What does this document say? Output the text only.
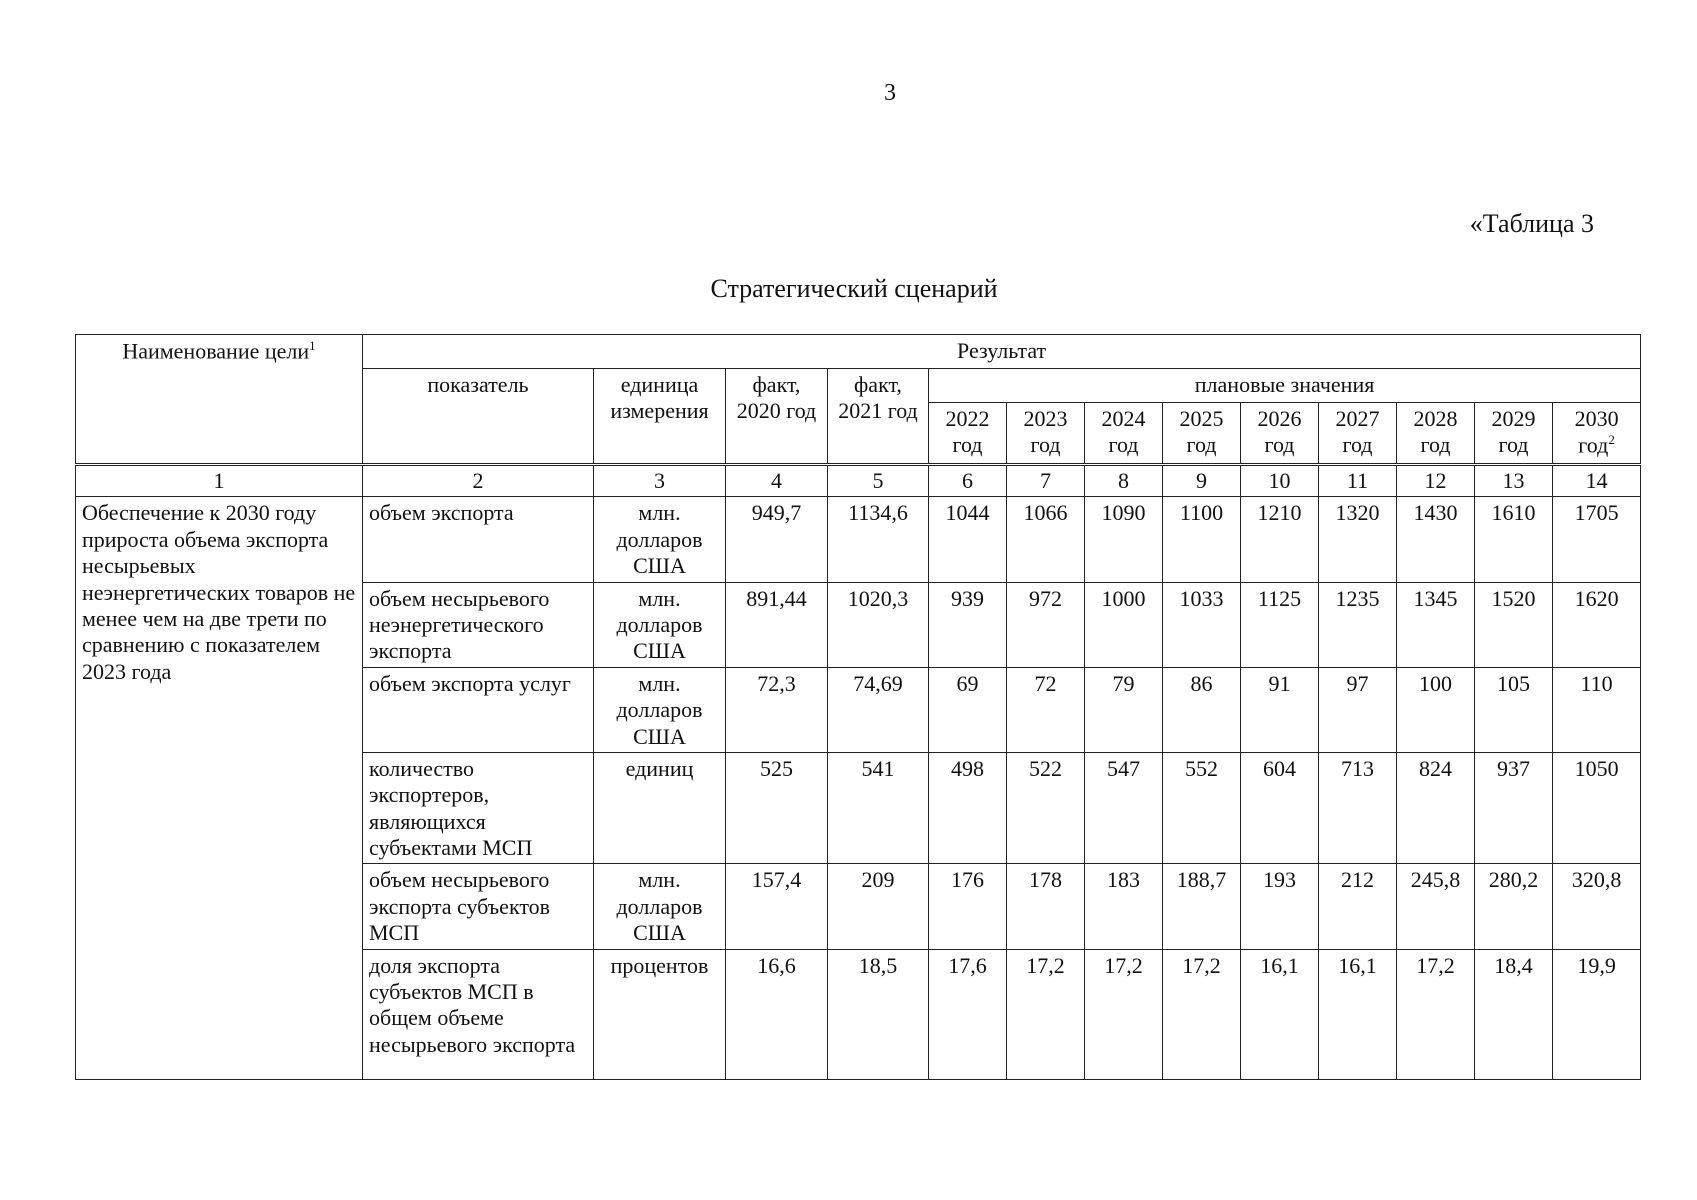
3
«Таблица 3
Стратегический сценарий
Наименование цели$^1$	Результат												
	показатель	единица измерения	факт, 2020 год	факт, 2021 год	плановые значения								
					2022 год	2023 год	2024 год	2025 год	2026 год	2027 год	2028 год	2029 год	2030 год$^2$
1	2	3	4	5	6	7	8	9	10	11	12	13	14
Обеспечение к 2030 году прироста объема экспорта несырьевых неэнергетических товаров не менее чем на две трети по сравнению с показателем 2023 года	объем экспорта	млн. долларов США	949,7	1134,6	1044	1066	1090	1100	1210	1320	1430	1610	1705
	объем несырьевого неэнергетического экспорта	млн. долларов США	891,44	1020,3	939	972	1000	1033	1125	1235	1345	1520	1620
	объем экспорта услуг	млн. долларов США	72,3	74,69	69	72	79	86	91	97	100	105	110
	количество экспортеров, являющихся субъектами МСП	единиц	525	541	498	522	547	552	604	713	824	937	1050
	объем несырьевого экспорта субъектов МСП	млн. долларов США	157,4	209	176	178	183	188,7	193	212	245,8	280,2	320,8
	доля экспорта субъектов МСП в общем объеме несырьевого экспорта	процентов	16,6	18,5	17,6	17,2	17,2	17,2	16,1	16,1	17,2	18,4	19,9
